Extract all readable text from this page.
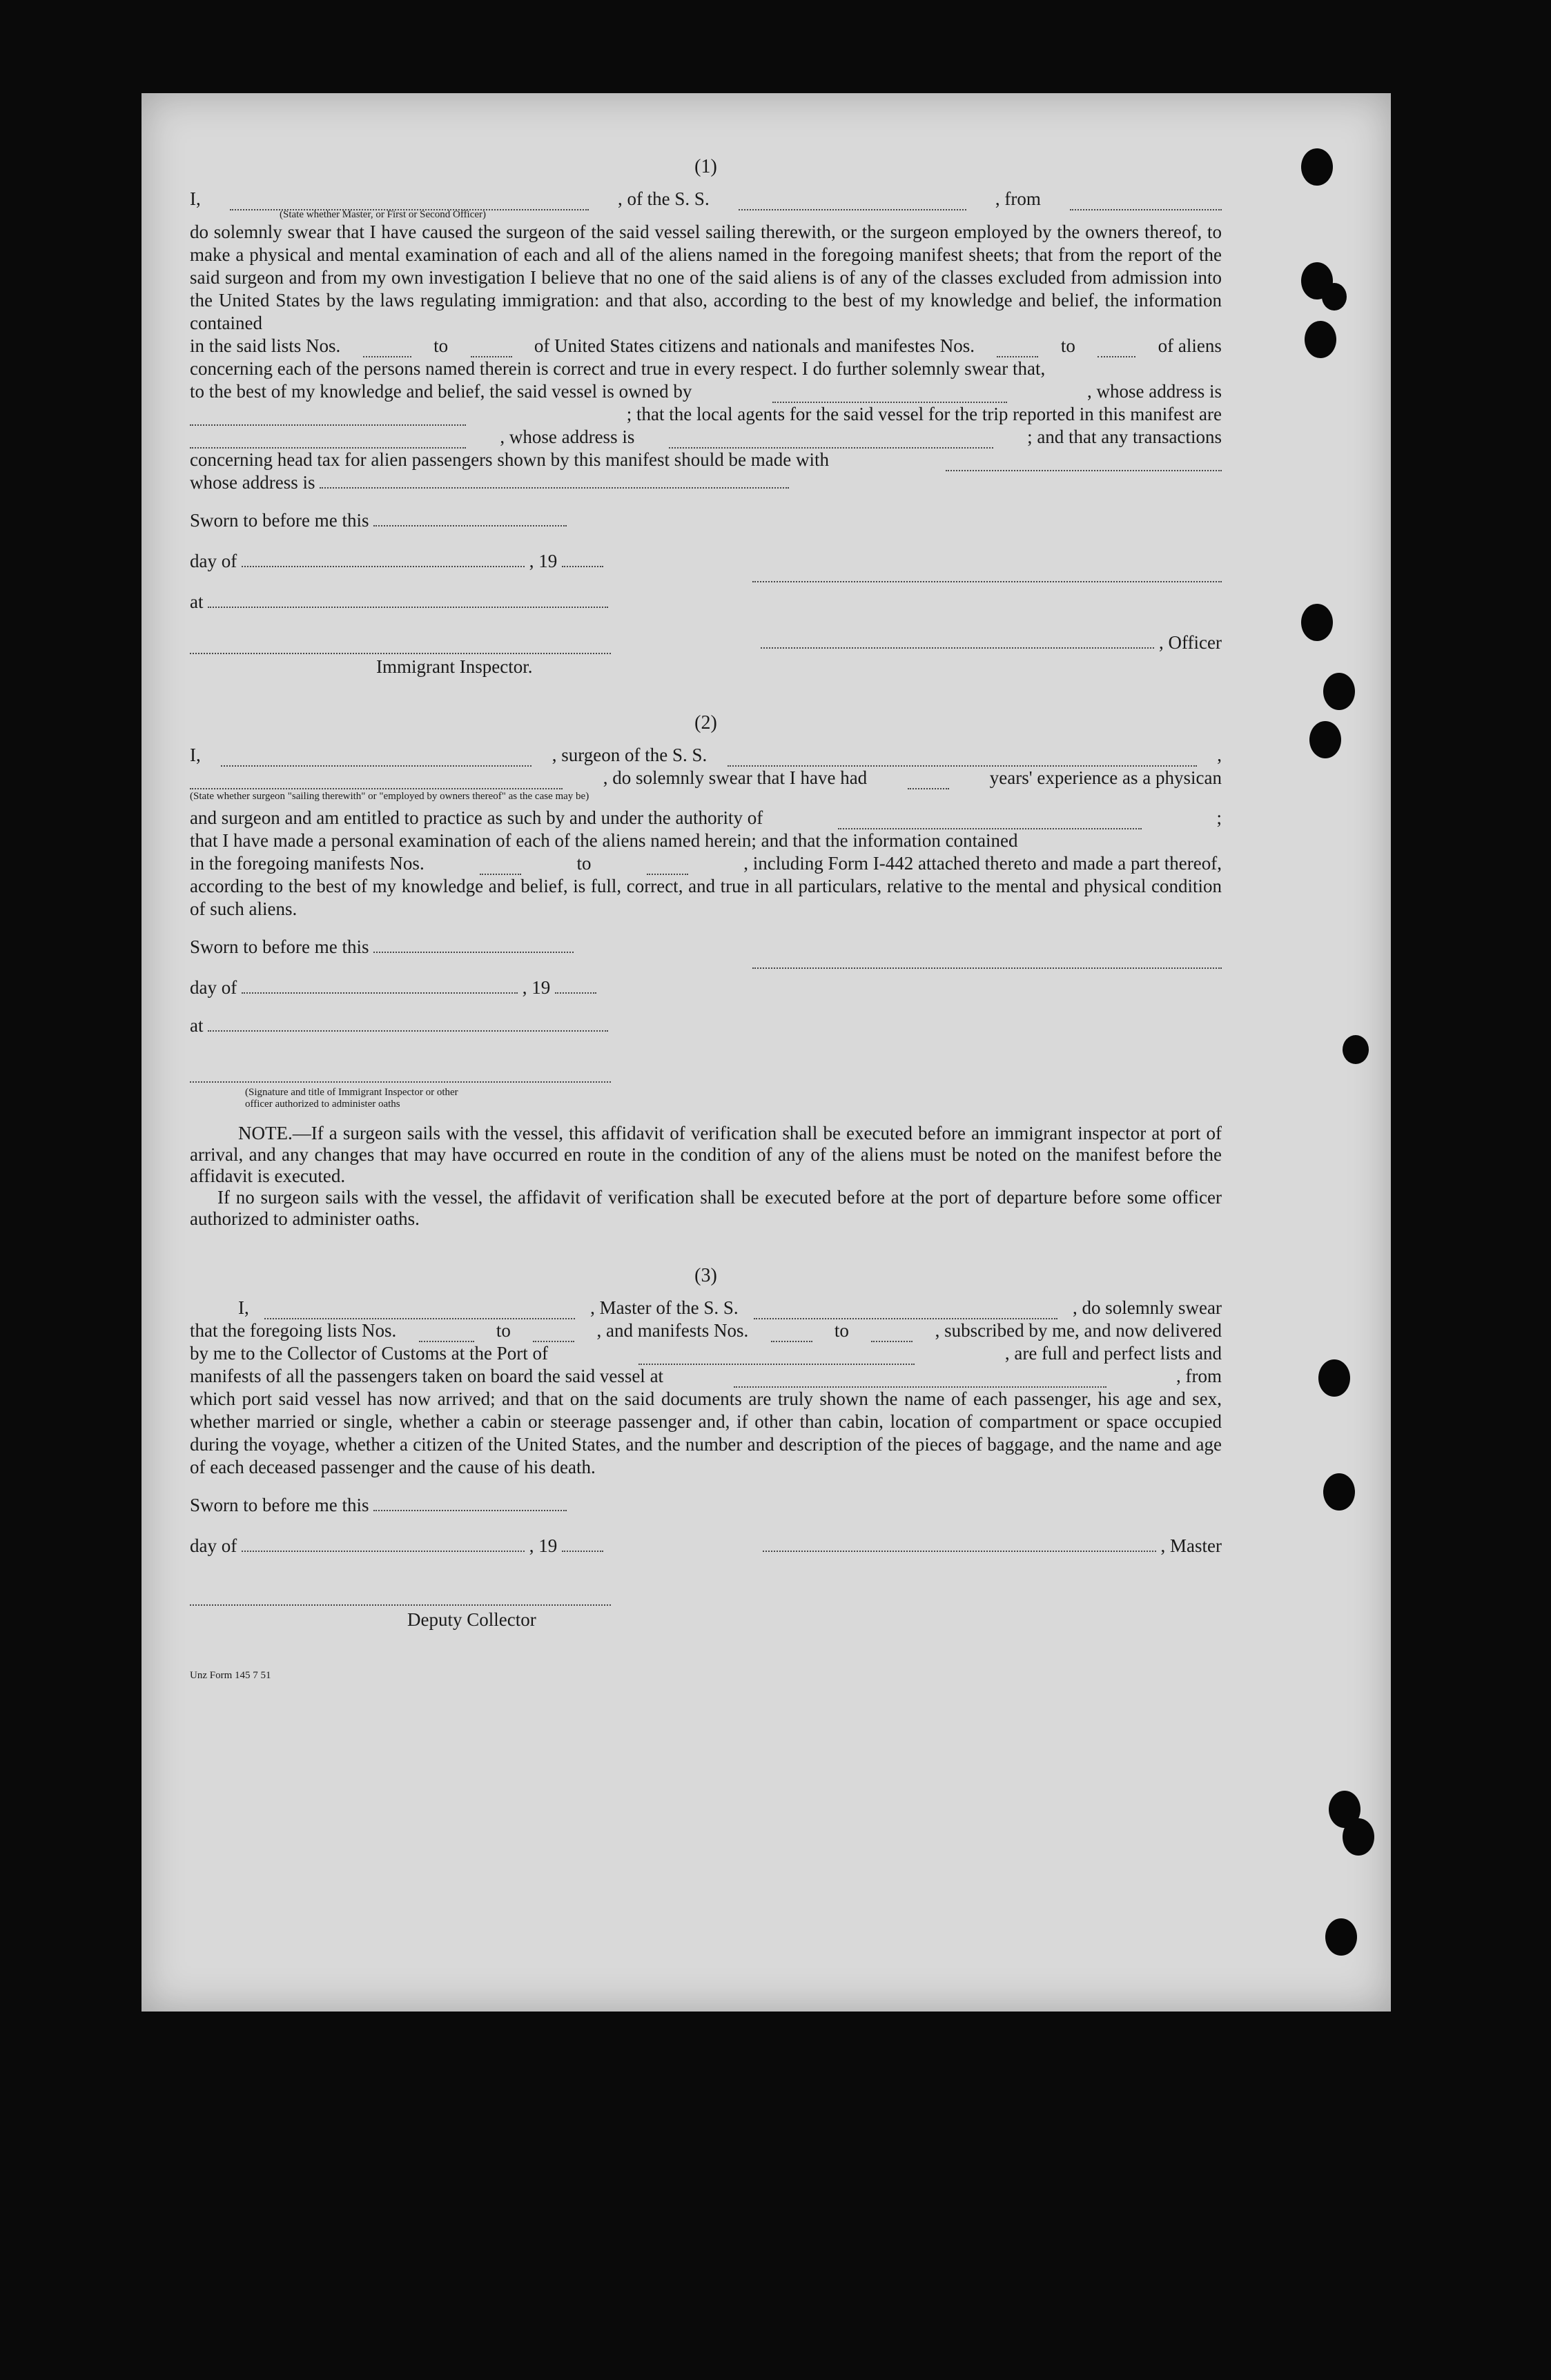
(1)
I,	, of the S. S.	, from
(State whether Master, or First or Second Officer)

do solemnly swear that I have caused the surgeon of the said vessel sailing therewith, or the surgeon employed by the owners thereof, to make a physical and mental examination of each and all of the aliens named in the foregoing manifest sheets; that from the report of the said surgeon and from my own investigation I believe that no one of the said aliens is of any of the classes excluded from admission into the United States by the laws regulating immigration: and that also, according to the best of my knowledge and belief, the information contained

in the said lists Nos.	to	of United States citizens and nationals and manifestes Nos.	to	of aliens

concerning each of the persons named therein is correct and true in every respect. I do further solemnly swear that,

to the best of my knowledge and belief, the said vessel is owned by	, whose address is
; that the local agents for the said vessel for the trip reported in this manifest are
, whose address is	; and that any transactions
concerning head tax for alien passengers shown by this manifest should be made with
whose address is
Sworn to before me this
day of	, 19
at
, Officer
Immigrant Inspector.
(2)
I,	, surgeon of the S. S.	,
, do solemnly swear that I have had	years' experience as a physican
(State whether surgeon "sailing therewith" or "employed by owners thereof" as the case may be)
and surgeon and am entitled to practice as such by and under the authority of	;

that I have made a personal examination of each of the aliens named herein; and that the information contained

in the foregoing manifests Nos.	to	, including Form I-442 attached thereto and made a part thereof,

according to the best of my knowledge and belief, is full, correct, and true in all particulars, relative to the mental and physical condition of such aliens.

Sworn to before me this
day of	, 19
at
(Signature and title of Immigrant Inspector or other
officer authorized to administer oaths

NOTE.—If a surgeon sails with the vessel, this affidavit of verification shall be executed before an immigrant inspector at port of arrival, and any changes that may have occurred en route in the condition of any of the aliens must be noted on the manifest before the affidavit is executed.

If no surgeon sails with the vessel, the affidavit of verification shall be executed before at the port of departure before some officer authorized to administer oaths.

(3)
I,	, Master of the S. S.	, do solemnly swear
that the foregoing lists Nos.	to	, and manifests Nos.	to	, subscribed by me, and now delivered
by me to the Collector of Customs at the Port of	, are full and perfect lists and
manifests of all the passengers taken on board the said vessel at	, from

which port said vessel has now arrived; and that on the said documents are truly shown the name of each passenger, his age and sex, whether married or single, whether a cabin or steerage passenger and, if other than cabin, location of compartment or space occupied during the voyage, whether a citizen of the United States, and the number and description of the pieces of baggage, and the name and age of each deceased passenger and the cause of his death.

Sworn to before me this
day of	, 19	, Master
Deputy Collector
Unz Form 145 7 51
